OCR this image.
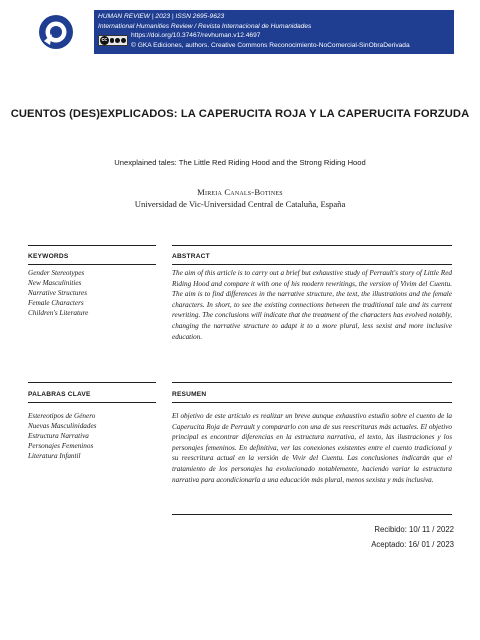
HUMAN REVIEW | 2023 | ISSN 2695-9623
International Humanities Review / Revista Internacional de Humanidades
cc
https://doi.org/10.37467/revhuman.v12.4697
© GKA Ediciones, authors. Creative Commons Reconocimiento-NoComercial-SinObraDerivada
CUENTOS (DES)EXPLICADOS: LA CAPERUCITA ROJA Y LA CAPERUCITA FORZUDA
Unexplained tales: The Little Red Riding Hood and the Strong Riding Hood
Mireia Canals-Botines
Universidad de Vic-Universidad Central de Cataluña, España
KEYWORDS	ABSTRACT
Gender Stereotypes
New Masculinities
Narrative Structures
Female Characters
Children's Literature
The aim of this article is to carry out a brief but exhaustive study of Perrault's story of Little Red Riding Hood and compare it with one of his modern rewritings, the version of Vivim del Cuentu. The aim is to find differences in the narrative structure, the text, the illustrations and the female characters. In short, to see the existing connections between the traditional tale and its current rewriting. The conclusions will indicate that the treatment of the characters has evolved notably, changing the narrative structure to adapt it to a more plural, less sexist and more inclusive education.
PALABRAS CLAVE	RESUMEN
Estereotipos de Género
Nuevas Masculinidades
Estructura Narrativa
Personajes Femeninos
Literatura Infantil
El objetivo de este artículo es realizar un breve aunque exhaustivo estudio sobre el cuento de la Caperucita Roja de Perrault y compararlo con una de sus reescrituras más actuales. El objetivo principal es encontrar diferencias en la estructura narrativa, el texto, las ilustraciones y los personajes femeninos. En definitiva, ver las conexiones existentes entre el cuento tradicional y su reescritura actual en la versión de Vivir del Cuentu. Las conclusiones indicarán que el tratamiento de los personajes ha evolucionado notablemente, haciendo variar la estructura narrativa para acondicionarla a una educación más plural, menos sexista y más inclusiva.
Recibido: 10/ 11 / 2022
Aceptado: 16/ 01 / 2023
